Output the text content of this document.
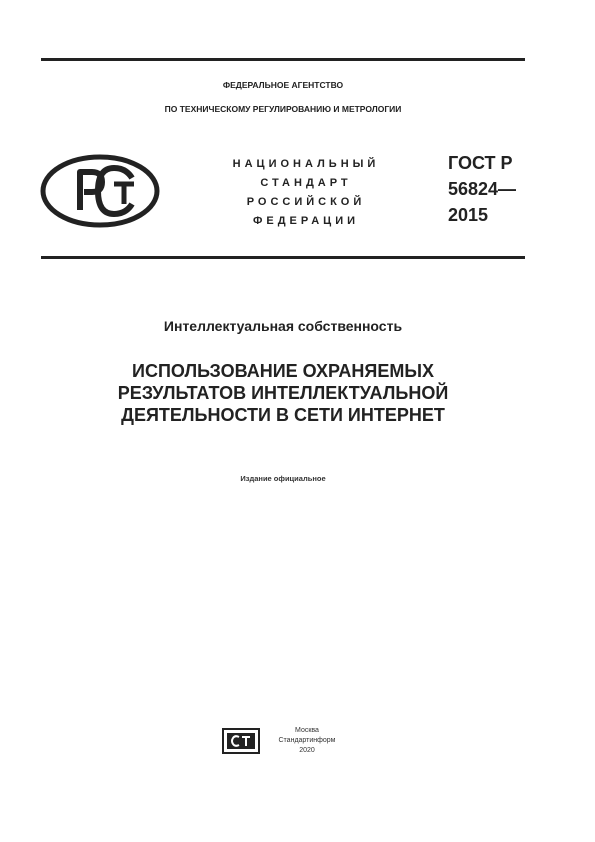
ФЕДЕРАЛЬНОЕ АГЕНТСТВО
ПО ТЕХНИЧЕСКОМУ РЕГУЛИРОВАНИЮ И МЕТРОЛОГИИ
НАЦИОНАЛЬНЫЙ
СТАНДАРТ
РОССИЙСКОЙ
ФЕДЕРАЦИИ
ГОСТ Р
56824—
2015
Интеллектуальная собственность
ИСПОЛЬЗОВАНИЕ ОХРАНЯЕМЫХ
РЕЗУЛЬТАТОВ ИНТЕЛЛЕКТУАЛЬНОЙ
ДЕЯТЕЛЬНОСТИ В СЕТИ ИНТЕРНЕТ
Издание официальное
Москва
Стандартинформ
2020
